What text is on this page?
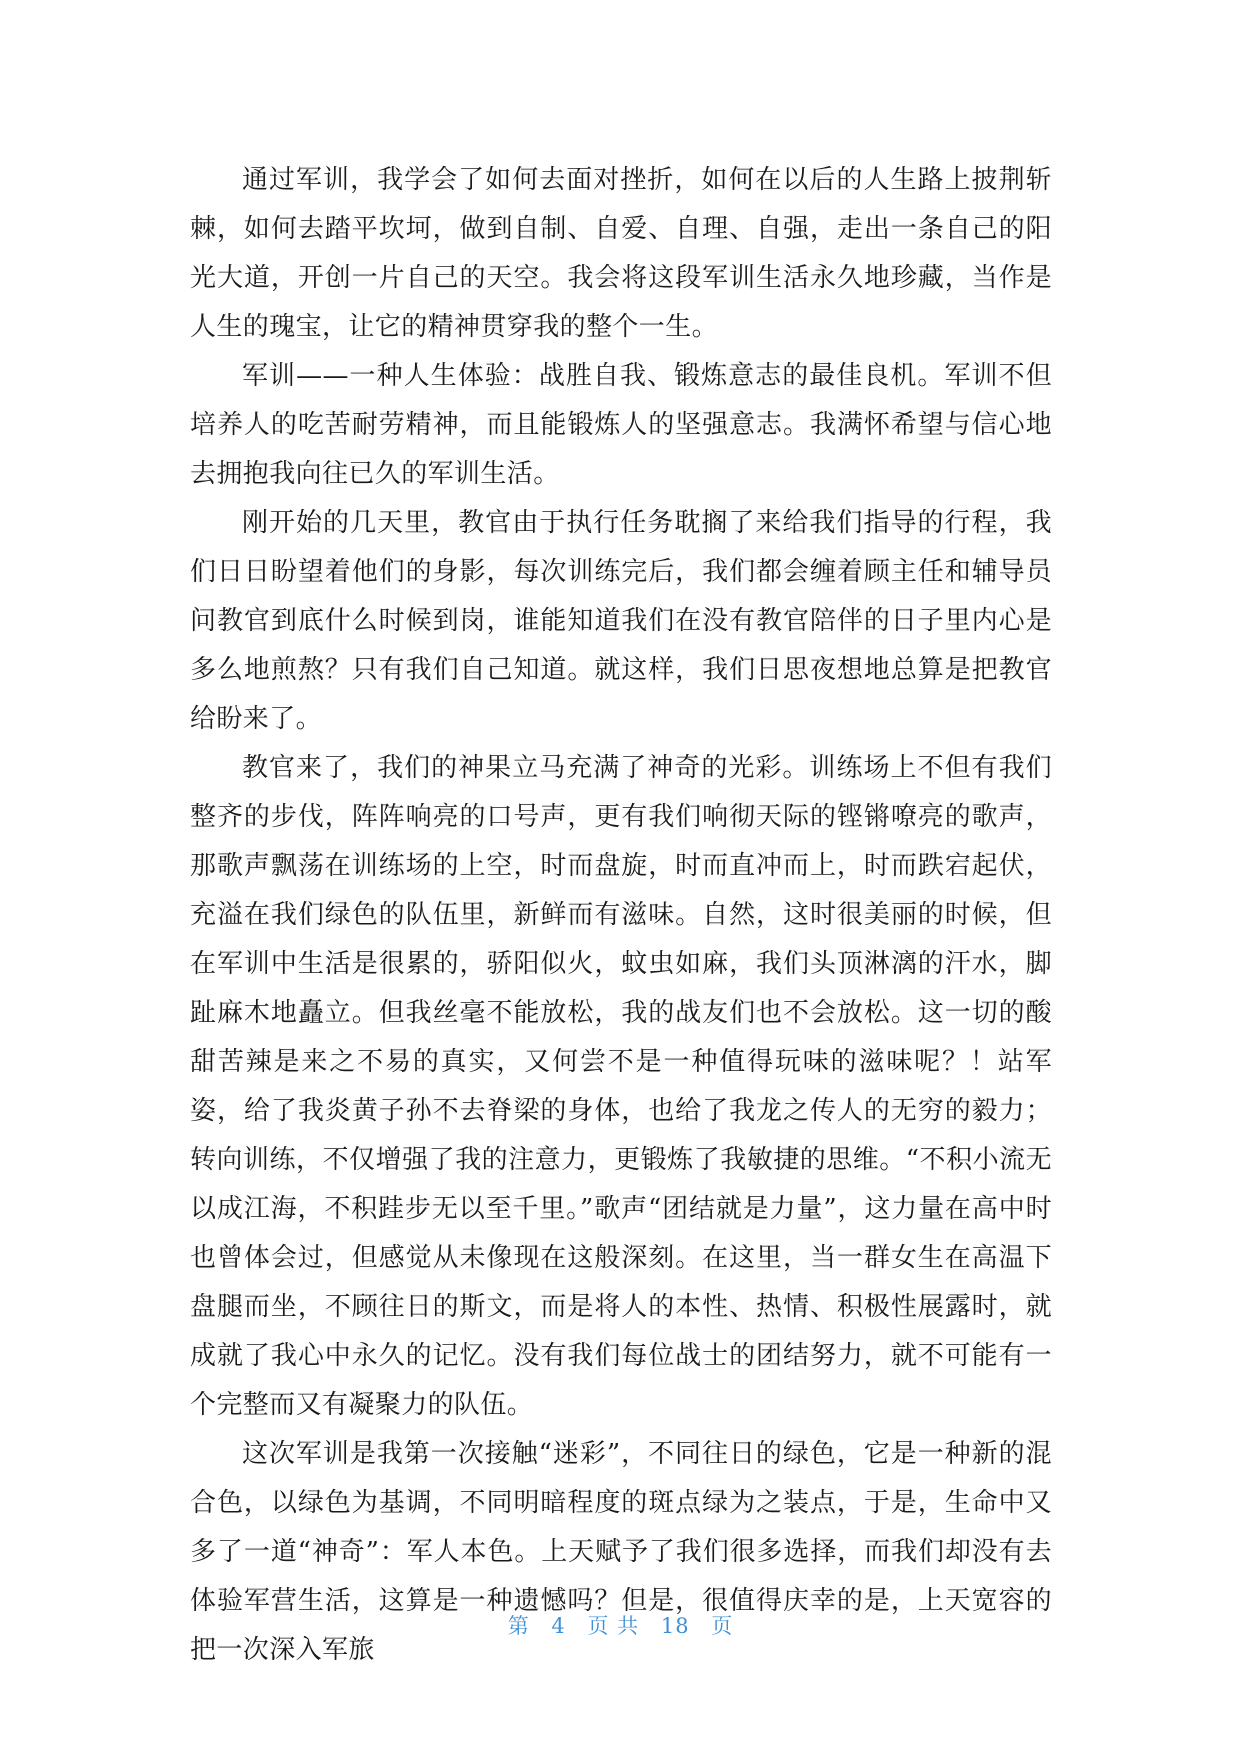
通过军训，我学会了如何去面对挫折，如何在以后的人生路上披荆斩棘，如何去踏平坎坷，做到自制、自爱、自理、自强，走出一条自己的阳光大道，开创一片自己的天空。我会将这段军训生活永久地珍藏，当作是人生的瑰宝，让它的精神贯穿我的整个一生。

军训——一种人生体验：战胜自我、锻炼意志的最佳良机。军训不但培养人的吃苦耐劳精神，而且能锻炼人的坚强意志。我满怀希望与信心地去拥抱我向往已久的军训生活。

刚开始的几天里，教官由于执行任务耽搁了来给我们指导的行程，我们日日盼望着他们的身影，每次训练完后，我们都会缠着顾主任和辅导员问教官到底什么时候到岗，谁能知道我们在没有教官陪伴的日子里内心是多么地煎熬？只有我们自己知道。就这样，我们日思夜想地总算是把教官给盼来了。

教官来了，我们的神果立马充满了神奇的光彩。训练场上不但有我们整齐的步伐，阵阵响亮的口号声，更有我们响彻天际的铿锵嘹亮的歌声，那歌声飘荡在训练场的上空，时而盘旋，时而直冲而上，时而跌宕起伏，充溢在我们绿色的队伍里，新鲜而有滋味。自然，这时很美丽的时候，但在军训中生活是很累的，骄阳似火，蚊虫如麻，我们头顶淋漓的汗水，脚趾麻木地矗立。但我丝毫不能放松，我的战友们也不会放松。这一切的酸甜苦辣是来之不易的真实，又何尝不是一种值得玩味的滋味呢？！站军姿，给了我炎黄子孙不去脊梁的身体，也给了我龙之传人的无穷的毅力；转向训练，不仅增强了我的注意力，更锻炼了我敏捷的思维。“不积小流无以成江海，不积跬步无以至千里。”歌声“团结就是力量”，这力量在高中时也曾体会过，但感觉从未像现在这般深刻。在这里，当一群女生在高温下盘腿而坐，不顾往日的斯文，而是将人的本性、热情、积极性展露时，就成就了我心中永久的记忆。没有我们每位战士的团结努力，就不可能有一个完整而又有凝聚力的队伍。

这次军训是我第一次接触“迷彩”，不同往日的绿色，它是一种新的混合色，以绿色为基调，不同明暗程度的斑点绿为之装点，于是，生命中又多了一道“神奇”：军人本色。上天赋予了我们很多选择，而我们却没有去体验军营生活，这算是一种遗憾吗？但是，很值得庆幸的是，上天宽容的把一次深入军旅

第 4 页 共 18 页
